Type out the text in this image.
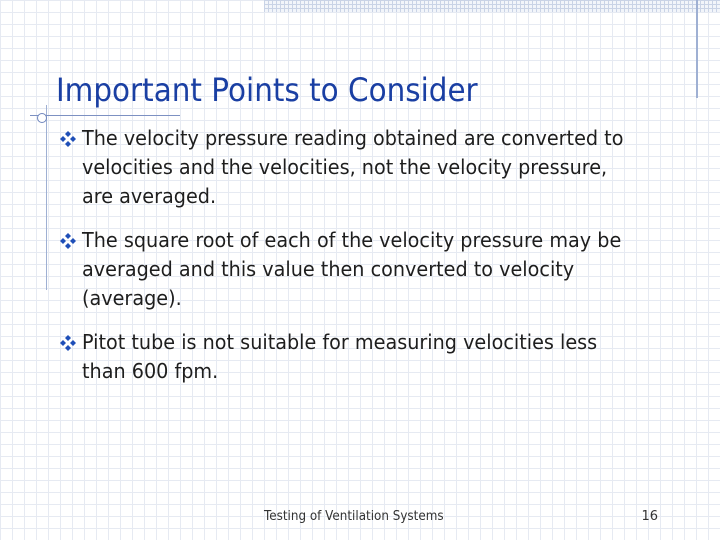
Important Points to Consider
The velocity pressure reading obtained are converted to velocities and the velocities, not the velocity pressure, are averaged.
The square root of each of the velocity pressure may be averaged and this value then converted to velocity (average).
Pitot tube is not suitable for measuring velocities less than 600 fpm.
Testing of Ventilation Systems	16
